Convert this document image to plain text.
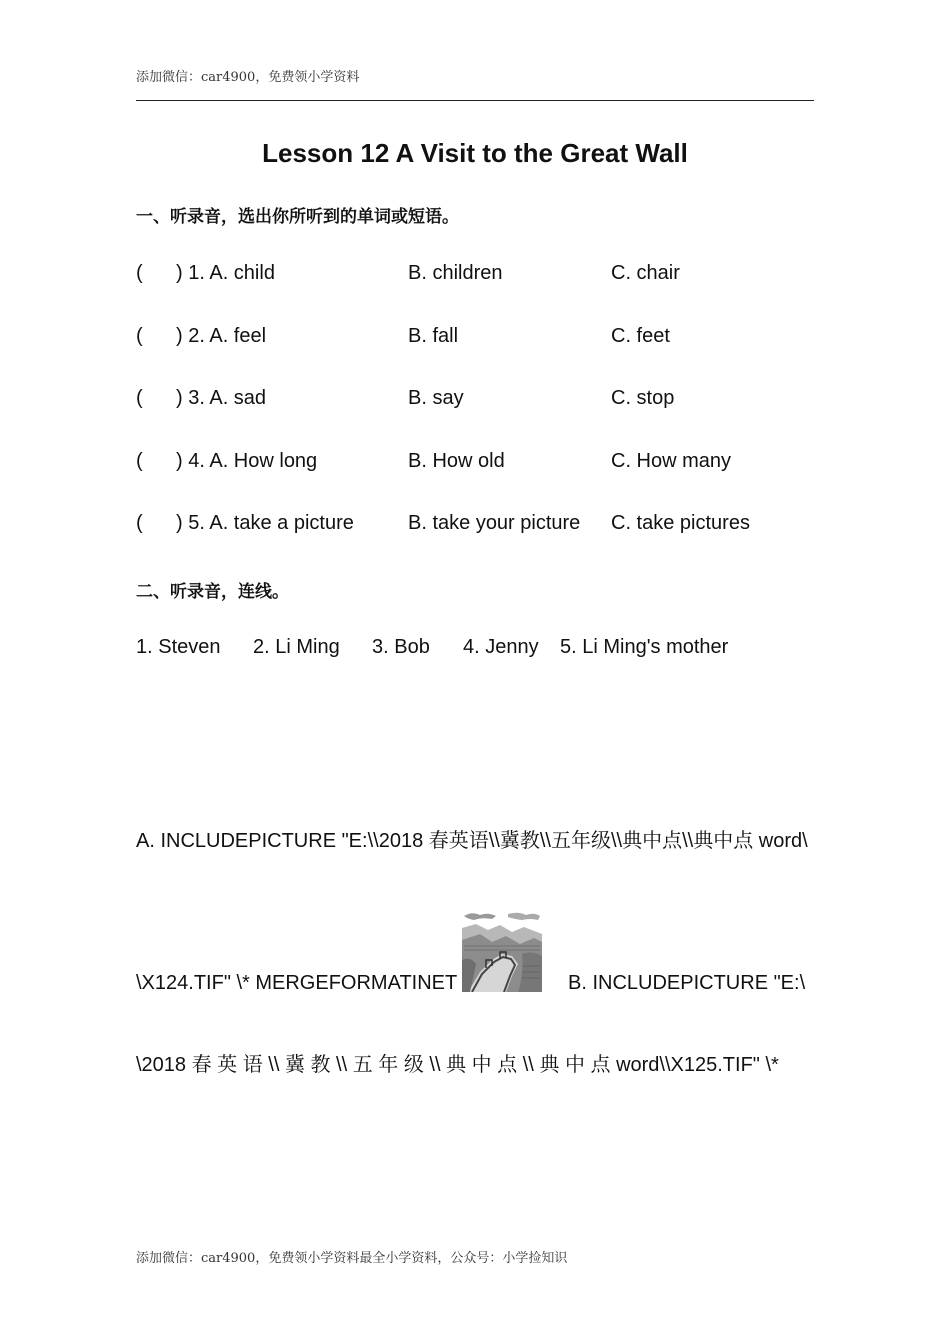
添加微信：car4900，免费领小学资料
Lesson 12 A Visit to the Great Wall
一、听录音，选出你所听到的单词或短语。
( ) 1. A. child	B. children	C. chair
( ) 2. A. feel	B. fall	C. feet
( ) 3. A. sad	B. say	C. stop
( ) 4. A. How long	B. How old	C. How many
( ) 5. A. take a picture	B. take your picture C. take pictures
二、听录音，连线。
1. Steven 2. Li Ming 3. Bob 4. Jenny 5. Li Ming's mother
A. INCLUDEPICTURE "E:\\2018 春英语\\冀教\\五年级\\典中点\\典中点 word\
\X124.TIF" \* MERGEFORMATINET	B. INCLUDEPICTURE "E:\
\2018 春 英 语 \\ 冀 教 \\ 五 年 级 \\ 典 中 点 \\ 典 中 点 word\\X125.TIF" \*
添加微信：car4900，免费领小学资料最全小学资料，公众号：小学捡知识
